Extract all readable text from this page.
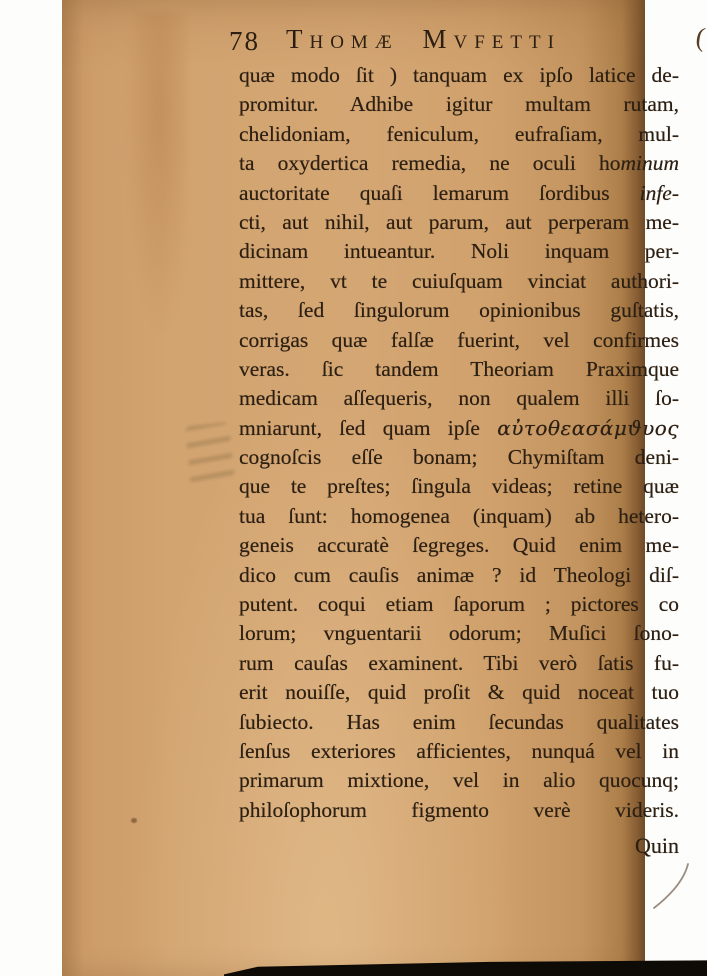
78 Thomæ Mvfetti	(
quæ modo ſit ) tanquam ex ipſo latice de-
promitur. Adhibe igitur multam rutam,
chelidoniam, feniculum, eufraſiam, mul-
ta oxydertica remedia, ne oculi hominum
auctoritate quaſi lemarum ſordibus infe-
cti, aut nihil, aut parum, aut perperam me-
dicinam intueantur. Noli inquam per-
mittere, vt te cuiuſquam vinciat authori-
tas, ſed ſingulorum opinionibus guſtatis,
corrigas quæ falſæ fuerint, vel confirmes
veras. ſic tandem Theoriam Praximque
medicam aſſequeris, non qualem illi ſo-
mniarunt, ſed quam ipſe αὐτοθεασάμϑυος
cognoſcis eſſe bonam; Chymiſtam deni-
que te preſtes; ſingula videas; retine quæ
tua ſunt: homogenea (inquam) ab hetero-
geneis accuratè ſegreges. Quid enim me-
dico cum cauſis animæ ? id Theologi diſ-
putent. coqui etiam ſaporum ; pictores co
lorum; vnguentarii odorum; Muſici ſono-
rum cauſas examinent. Tibi verò ſatis fu-
erit nouiſſe, quid proſit & quid noceat tuo
ſubiecto. Has enim ſecundas qualitates
ſenſus exteriores afficientes, nunquá vel in
primarum mixtione, vel in alio quocunq;
philoſophorum figmento verè videris.
Quin
